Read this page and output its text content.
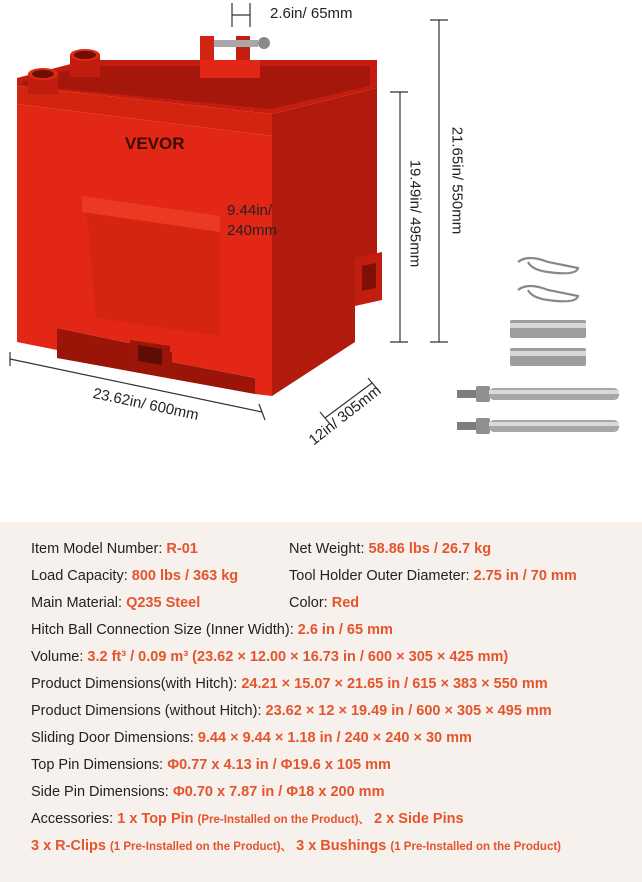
VEVOR
2.6in/ 65mm
21.65in/ 550mm
19.49in/ 495mm
9.44in/ 240mm
23.62in/ 600mm	12in/ 305mm
Item Model Number: R-01	Net Weight: 58.86 lbs / 26.7 kg
Load Capacity: 800 lbs / 363 kg	Tool Holder Outer Diameter: 2.75 in / 70 mm
Main Material: Q235 Steel	Color: Red
Hitch Ball Connection Size (Inner Width): 2.6 in / 65 mm
Volume: 3.2 ft³ / 0.09 m³ (23.62 × 12.00 × 16.73 in / 600 × 305 × 425 mm)
Product Dimensions(with Hitch): 24.21 × 15.07 × 21.65 in / 615 × 383 × 550 mm
Product Dimensions (without Hitch): 23.62 × 12 × 19.49 in / 600 × 305 × 495 mm
Sliding Door Dimensions: 9.44 × 9.44 × 1.18 in / 240 × 240 × 30 mm
Top Pin Dimensions: Φ0.77 x 4.13 in / Φ19.6 x 105 mm
Side Pin Dimensions: Φ0.70 x 7.87 in / Φ18 x 200 mm
Accessories: 1 x Top Pin (Pre-Installed on the Product)、 2 x Side Pins
3 x R-Clips (1 Pre-Installed on the Product)、 3 x Bushings (1 Pre-Installed on the Product)
